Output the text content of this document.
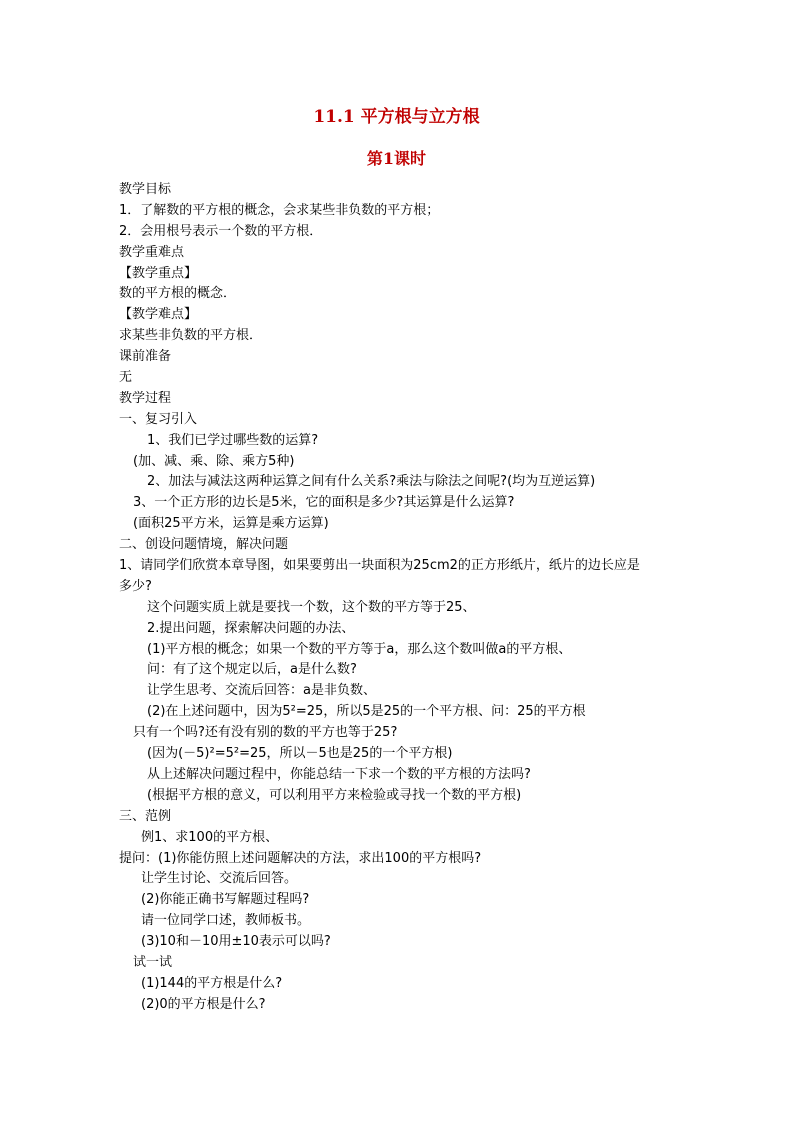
11.1 平方根与立方根
第1课时
教学目标
1．了解数的平方根的概念，会求某些非负数的平方根；
2．会用根号表示一个数的平方根．
教学重难点
【教学重点】
数的平方根的概念．
【教学难点】
求某些非负数的平方根．
课前准备
无
教学过程
一、复习引入
1、我们已学过哪些数的运算?
(加、减、乘、除、乘方5种)
2、加法与减法这两种运算之间有什么关系?乘法与除法之间呢?(均为互逆运算)
3、一个正方形的边长是5米，它的面积是多少?其运算是什么运算?
(面积25平方米，运算是乘方运算)
二、创设问题情境，解决问题
1、请同学们欣赏本章导图，如果要剪出一块面积为25cm2的正方形纸片，纸片的边长应是
多少?
这个问题实质上就是要找一个数，这个数的平方等于25、
2.提出问题，探索解决问题的办法、
(1)平方根的概念；如果一个数的平方等于a，那么这个数叫做a的平方根、
问：有了这个规定以后，a是什么数?
让学生思考、交流后回答：a是非负数、
(2)在上述问题中，因为5²=25，所以5是25的一个平方根、问：25的平方根
只有一个吗?还有没有别的数的平方也等于25?
(因为(－5)²=5²=25，所以－5也是25的一个平方根)
从上述解决问题过程中，你能总结一下求一个数的平方根的方法吗?
(根据平方根的意义，可以利用平方来检验或寻找一个数的平方根)
三、范例
例1、求100的平方根、
提问：(1)你能仿照上述问题解决的方法，求出100的平方根吗?
让学生讨论、交流后回答。
(2)你能正确书写解题过程吗?
请一位同学口述，教师板书。
(3)10和－10用±10表示可以吗?
试一试
(1)144的平方根是什么?
(2)0的平方根是什么?
